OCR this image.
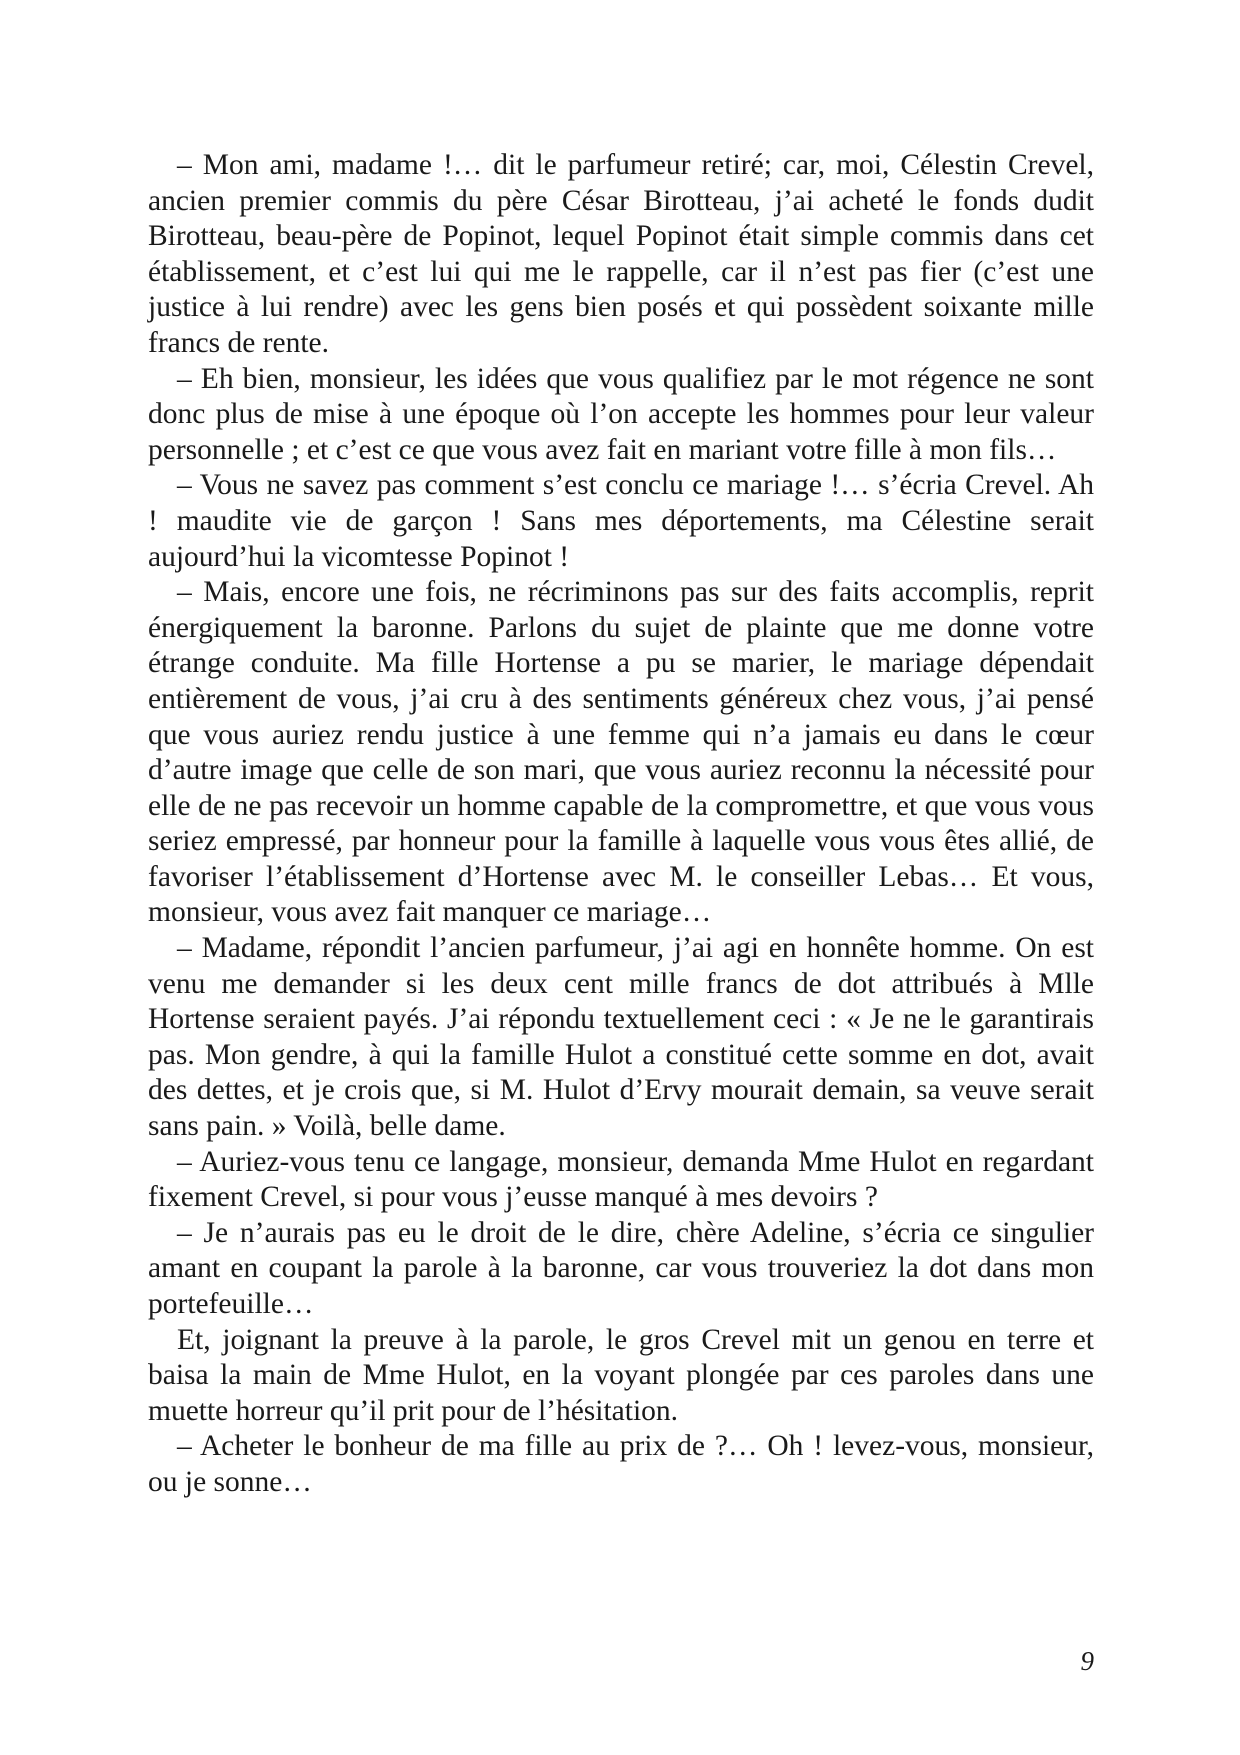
– Mon ami, madame !… dit le parfumeur retiré; car, moi, Célestin Crevel, ancien premier commis du père César Birotteau, j’ai acheté le fonds dudit Birotteau, beau-père de Popinot, lequel Popinot était simple commis dans cet établissement, et c’est lui qui me le rappelle, car il n’est pas fier (c’est une justice à lui rendre) avec les gens bien posés et qui possèdent soixante mille francs de rente.

– Eh bien, monsieur, les idées que vous qualifiez par le mot régence ne sont donc plus de mise à une époque où l’on accepte les hommes pour leur valeur personnelle ; et c’est ce que vous avez fait en mariant votre fille à mon fils…

– Vous ne savez pas comment s’est conclu ce mariage !… s’écria Crevel. Ah ! maudite vie de garçon ! Sans mes déportements, ma Célestine serait aujourd’hui la vicomtesse Popinot !

– Mais, encore une fois, ne récriminons pas sur des faits accomplis, reprit énergiquement la baronne. Parlons du sujet de plainte que me donne votre étrange conduite. Ma fille Hortense a pu se marier, le mariage dépendait entièrement de vous, j’ai cru à des sentiments généreux chez vous, j’ai pensé que vous auriez rendu justice à une femme qui n’a jamais eu dans le cœur d’autre image que celle de son mari, que vous auriez reconnu la nécessité pour elle de ne pas recevoir un homme capable de la compromettre, et que vous vous seriez empressé, par honneur pour la famille à laquelle vous vous êtes allié, de favoriser l’établissement d’Hortense avec M. le conseiller Lebas… Et vous, monsieur, vous avez fait manquer ce mariage…

– Madame, répondit l’ancien parfumeur, j’ai agi en honnête homme. On est venu me demander si les deux cent mille francs de dot attribués à Mlle Hortense seraient payés. J’ai répondu textuellement ceci : « Je ne le garantirais pas. Mon gendre, à qui la famille Hulot a constitué cette somme en dot, avait des dettes, et je crois que, si M. Hulot d’Ervy mourait demain, sa veuve serait sans pain. » Voilà, belle dame.

– Auriez-vous tenu ce langage, monsieur, demanda Mme Hulot en regardant fixement Crevel, si pour vous j’eusse manqué à mes devoirs ?

– Je n’aurais pas eu le droit de le dire, chère Adeline, s’écria ce singulier amant en coupant la parole à la baronne, car vous trouveriez la dot dans mon portefeuille…

Et, joignant la preuve à la parole, le gros Crevel mit un genou en terre et baisa la main de Mme Hulot, en la voyant plongée par ces paroles dans une muette horreur qu’il prit pour de l’hésitation.

– Acheter le bonheur de ma fille au prix de ?… Oh ! levez-vous, monsieur, ou je sonne…

9
